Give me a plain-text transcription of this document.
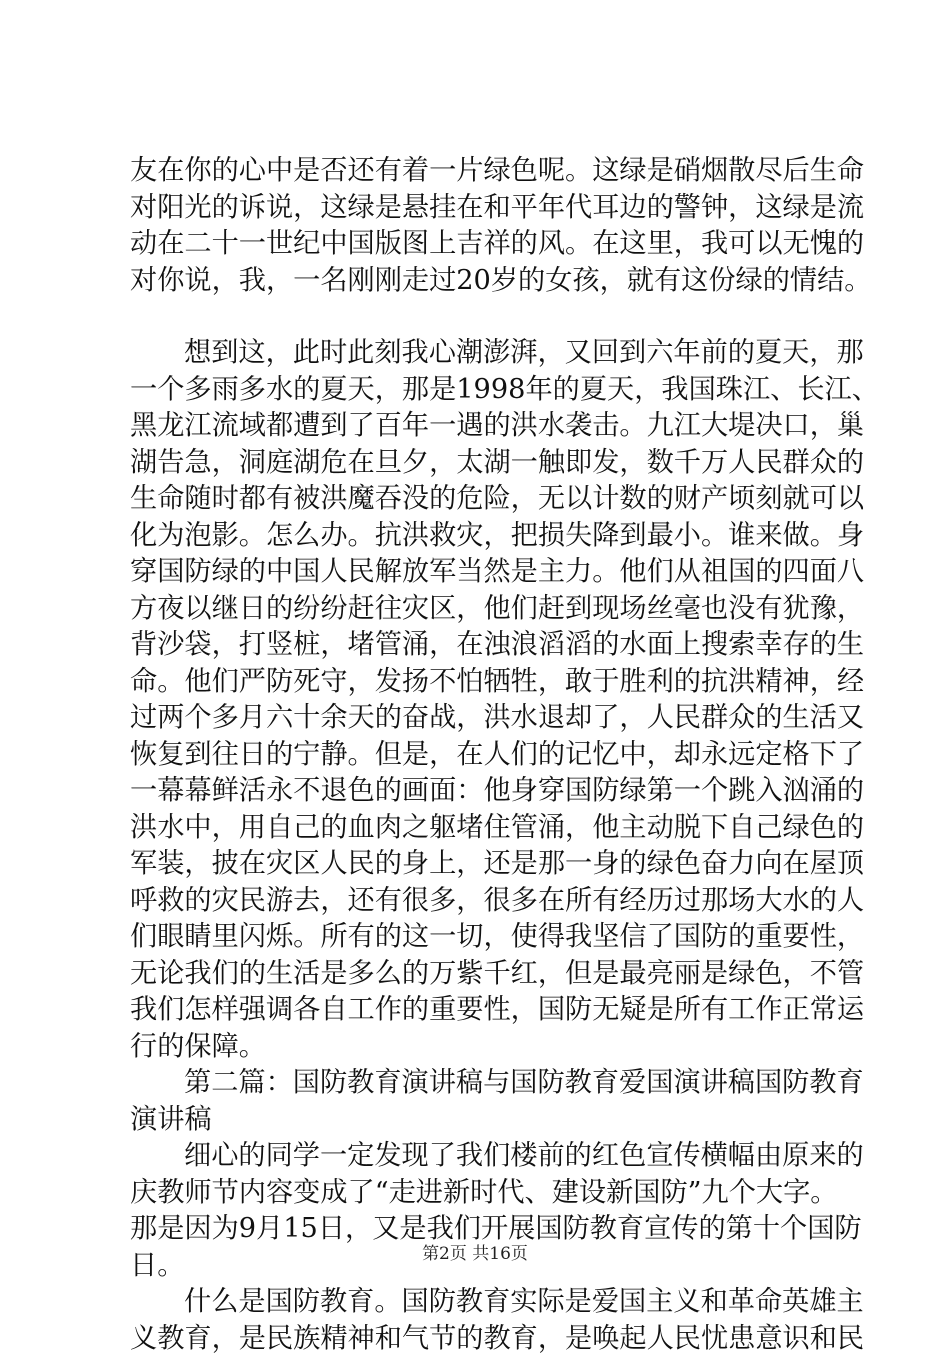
友在你的心中是否还有着一片绿色呢。这绿是硝烟散尽后生命
对阳光的诉说，这绿是悬挂在和平年代耳边的警钟，这绿是流
动在二十一世纪中国版图上吉祥的风。在这里，我可以无愧的
对你说，我，一名刚刚走过20岁的女孩，就有这份绿的情结。
想到这，此时此刻我心潮澎湃，又回到六年前的夏天，那
一个多雨多水的夏天，那是1998年的夏天，我国珠江、长江、
黑龙江流域都遭到了百年一遇的洪水袭击。九江大堤决口，巢
湖告急，洞庭湖危在旦夕，太湖一触即发，数千万人民群众的
生命随时都有被洪魔吞没的危险，无以计数的财产顷刻就可以
化为泡影。怎么办。抗洪救灾，把损失降到最小。谁来做。身
穿国防绿的中国人民解放军当然是主力。他们从祖国的四面八
方夜以继日的纷纷赶往灾区，他们赶到现场丝毫也没有犹豫，
背沙袋，打竖桩，堵管涌，在浊浪滔滔的水面上搜索幸存的生
命。他们严防死守，发扬不怕牺牲，敢于胜利的抗洪精神，经
过两个多月六十余天的奋战，洪水退却了，人民群众的生活又
恢复到往日的宁静。但是，在人们的记忆中，却永远定格下了
一幕幕鲜活永不退色的画面：他身穿国防绿第一个跳入汹涌的
洪水中，用自己的血肉之躯堵住管涌，他主动脱下自己绿色的
军装，披在灾区人民的身上，还是那一身的绿色奋力向在屋顶
呼救的灾民游去，还有很多，很多在所有经历过那场大水的人
们眼睛里闪烁。所有的这一切，使得我坚信了国防的重要性，
无论我们的生活是多么的万紫千红，但是最亮丽是绿色，不管
我们怎样强调各自工作的重要性，国防无疑是所有工作正常运
行的保障。
第二篇：国防教育演讲稿与国防教育爱国演讲稿国防教育
演讲稿
细心的同学一定发现了我们楼前的红色宣传横幅由原来的
庆教师节内容变成了“走进新时代、建设新国防”九个大字。
那是因为9月15日，又是我们开展国防教育宣传的第十个国防
日。
什么是国防教育。国防教育实际是爱国主义和革命英雄主
义教育，是民族精神和气节的教育，是唤起人民忧患意识和民
第2页 共16页
